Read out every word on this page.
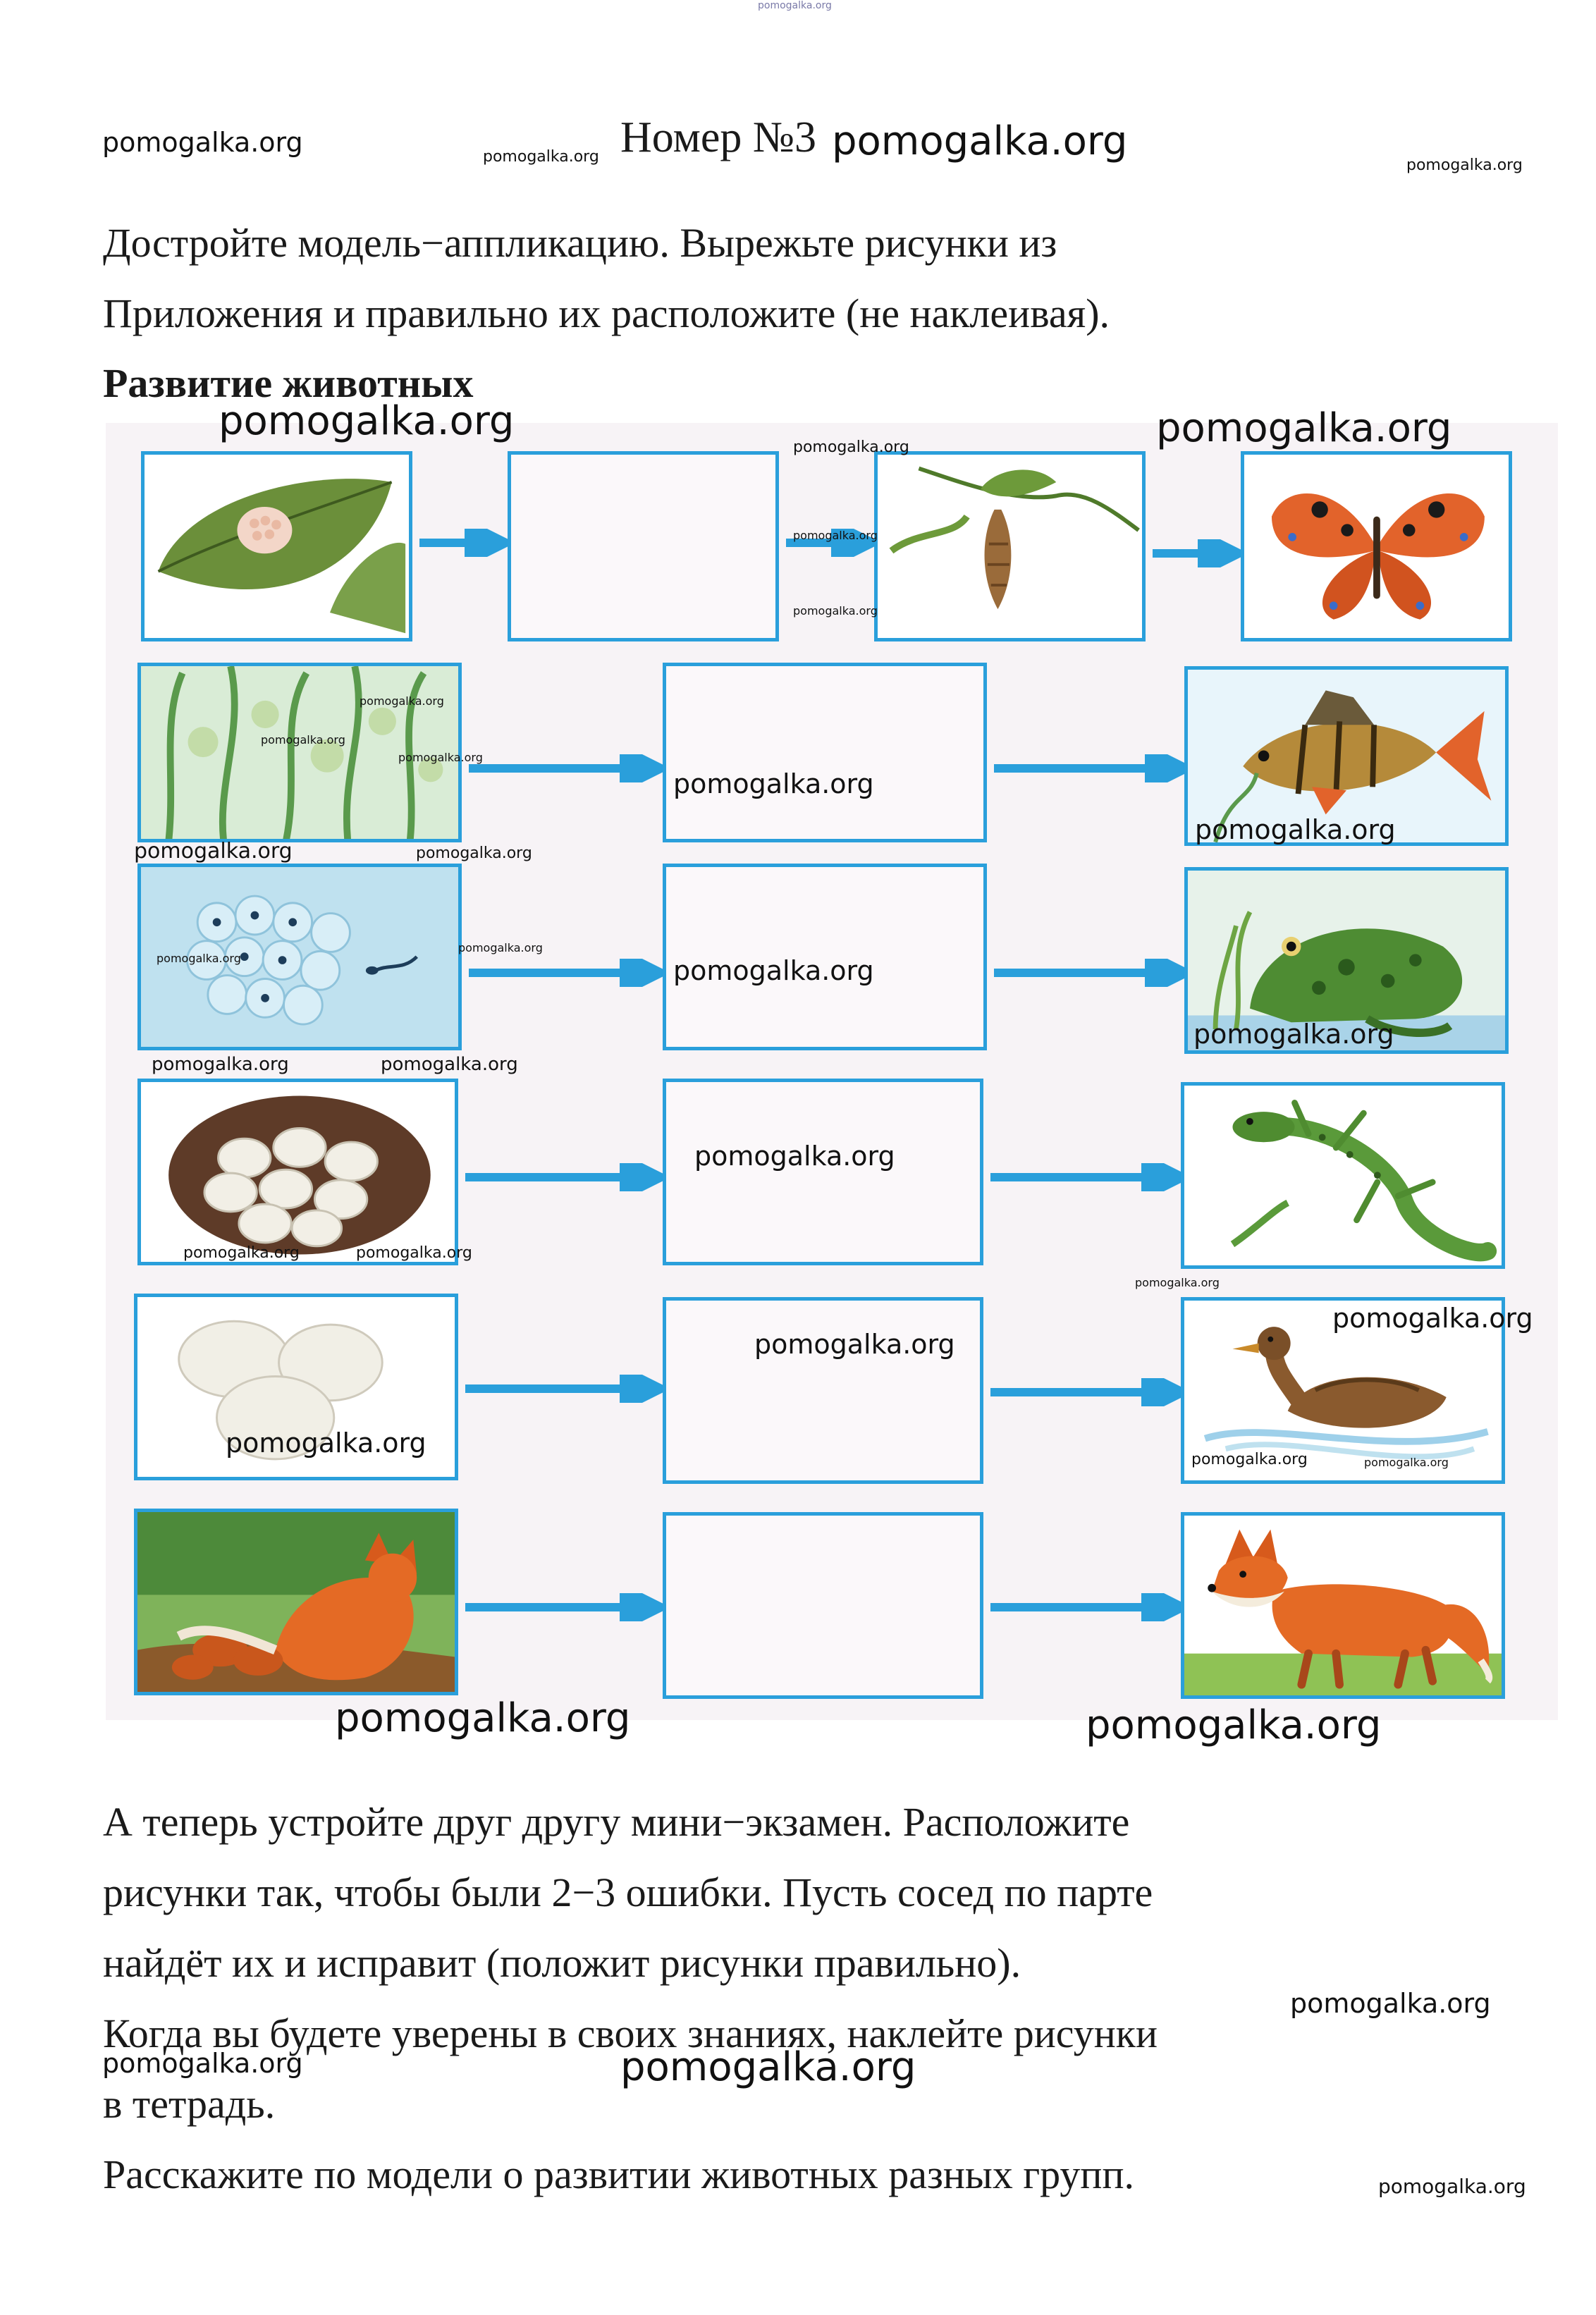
pomogalka.org
pomogalka.org	pomogalka.org Номер №3 pomogalka.org
pomogalka.org
Достройте модель−аппликацию. Вырежьте рисунки из
Приложения и правильно их расположите (не наклеивая).
Развитие животных
pomogalka.org
pomogalka.org	pomogalka.org
pomogalka.org
pomogalka.org
pomogalka.org
pomogalka.org
pomogalka.org
pomogalka.org
pomogalka.org
pomogalka.org	pomogalka.org
pomogalka.org
pomogalka.org	pomogalka.org
pomogalka.org
pomogalka.org	pomogalka.org
pomogalka.org
pomogalka.org	pomogalka.org
pomogalka.org
pomogalka.org
pomogalka.org
pomogalka.org
pomogalka.org	pomogalka.org
pomogalka.org	pomogalka.org
А теперь устройте друг другу мини−экзамен. Расположите
рисунки так, чтобы были 2−3 ошибки. Пусть сосед по парте
найдёт их и исправит (положит рисунки правильно).
Когда вы будете уверены в своих знаниях, наклейте рисунки
в тетрадь.
Расскажите по модели о развитии животных разных групп.
pomogalka.org
pomogalka.org	pomogalka.org
pomogalka.org
